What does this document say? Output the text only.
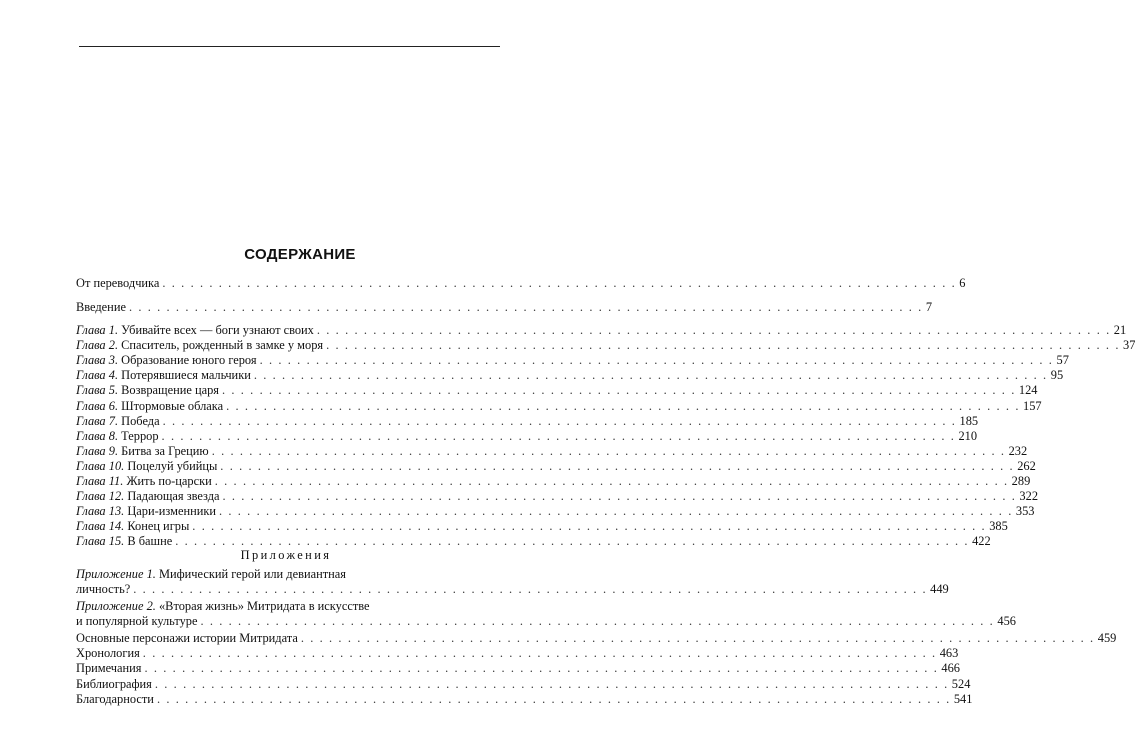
СОДЕРЖАНИЕ
От переводчика . . . . . . . . . . . . . . . . . . . . . . . . . . . . . . . . . . . . . . . . . . . . . . . . . . . . . . . . . . . . . . . . . . . . . . . . . . . . . . . . . . . . . 6
Введение . . . . . . . . . . . . . . . . . . . . . . . . . . . . . . . . . . . . . . . . . . . . . . . . . . . . . . . . . . . . . . . . . . . . . . . . . . . . . . . . . . . . . 7
Глава 1. Убивайте всех — боги узнают своих . . . . . . . . . . . . . . . . . . . . . . . . . . . . . . . . . . . . . . . . . . . . . . . . . . . . . . . . . . . . . . . . . . . . . . . . . . . . . . . . . . . . . 21
Глава 2. Спаситель, рожденный в замке у моря . . . . . . . . . . . . . . . . . . . . . . . . . . . . . . . . . . . . . . . . . . . . . . . . . . . . . . . . . . . . . . . . . . . . . . . . . . . . . . . . . . . . . 37
Глава 3. Образование юного героя . . . . . . . . . . . . . . . . . . . . . . . . . . . . . . . . . . . . . . . . . . . . . . . . . . . . . . . . . . . . . . . . . . . . . . . . . . . . . . . . . . . . . 57
Глава 4. Потерявшиеся мальчики . . . . . . . . . . . . . . . . . . . . . . . . . . . . . . . . . . . . . . . . . . . . . . . . . . . . . . . . . . . . . . . . . . . . . . . . . . . . . . . . . . . . . 95
Глава 5. Возвращение царя . . . . . . . . . . . . . . . . . . . . . . . . . . . . . . . . . . . . . . . . . . . . . . . . . . . . . . . . . . . . . . . . . . . . . . . . . . . . . . . . . . . . . 124
Глава 6. Штормовые облака . . . . . . . . . . . . . . . . . . . . . . . . . . . . . . . . . . . . . . . . . . . . . . . . . . . . . . . . . . . . . . . . . . . . . . . . . . . . . . . . . . . . . 157
Глава 7. Победа . . . . . . . . . . . . . . . . . . . . . . . . . . . . . . . . . . . . . . . . . . . . . . . . . . . . . . . . . . . . . . . . . . . . . . . . . . . . . . . . . . . . . 185
Глава 8. Террор . . . . . . . . . . . . . . . . . . . . . . . . . . . . . . . . . . . . . . . . . . . . . . . . . . . . . . . . . . . . . . . . . . . . . . . . . . . . . . . . . . . . . 210
Глава 9. Битва за Грецию . . . . . . . . . . . . . . . . . . . . . . . . . . . . . . . . . . . . . . . . . . . . . . . . . . . . . . . . . . . . . . . . . . . . . . . . . . . . . . . . . . . . . 232
Глава 10. Поцелуй убийцы . . . . . . . . . . . . . . . . . . . . . . . . . . . . . . . . . . . . . . . . . . . . . . . . . . . . . . . . . . . . . . . . . . . . . . . . . . . . . . . . . . . . . 262
Глава 11. Жить по-царски . . . . . . . . . . . . . . . . . . . . . . . . . . . . . . . . . . . . . . . . . . . . . . . . . . . . . . . . . . . . . . . . . . . . . . . . . . . . . . . . . . . . . 289
Глава 12. Падающая звезда . . . . . . . . . . . . . . . . . . . . . . . . . . . . . . . . . . . . . . . . . . . . . . . . . . . . . . . . . . . . . . . . . . . . . . . . . . . . . . . . . . . . . 322
Глава 13. Цари-изменники . . . . . . . . . . . . . . . . . . . . . . . . . . . . . . . . . . . . . . . . . . . . . . . . . . . . . . . . . . . . . . . . . . . . . . . . . . . . . . . . . . . . . 353
Глава 14. Конец игры . . . . . . . . . . . . . . . . . . . . . . . . . . . . . . . . . . . . . . . . . . . . . . . . . . . . . . . . . . . . . . . . . . . . . . . . . . . . . . . . . . . . . 385
Глава 15. В башне . . . . . . . . . . . . . . . . . . . . . . . . . . . . . . . . . . . . . . . . . . . . . . . . . . . . . . . . . . . . . . . . . . . . . . . . . . . . . . . . . . . . . 422
Приложения
Приложение 1. Мифический герой или девиантная
личность? . . . . . . . . . . . . . . . . . . . . . . . . . . . . . . . . . . . . . . . . . . . . . . . . . . . . . . . . . . . . . . . . . . . . . . . . . . . . . . . . . . . . . 449
Приложение 2. «Вторая жизнь» Митридата в искусстве
и популярной культуре . . . . . . . . . . . . . . . . . . . . . . . . . . . . . . . . . . . . . . . . . . . . . . . . . . . . . . . . . . . . . . . . . . . . . . . . . . . . . . . . . . . . . 456
Основные персонажи истории Митридата . . . . . . . . . . . . . . . . . . . . . . . . . . . . . . . . . . . . . . . . . . . . . . . . . . . . . . . . . . . . . . . . . . . . . . . . . . . . . . . . . . . . . 459
Хронология . . . . . . . . . . . . . . . . . . . . . . . . . . . . . . . . . . . . . . . . . . . . . . . . . . . . . . . . . . . . . . . . . . . . . . . . . . . . . . . . . . . . . 463
Примечания . . . . . . . . . . . . . . . . . . . . . . . . . . . . . . . . . . . . . . . . . . . . . . . . . . . . . . . . . . . . . . . . . . . . . . . . . . . . . . . . . . . . . 466
Библиография . . . . . . . . . . . . . . . . . . . . . . . . . . . . . . . . . . . . . . . . . . . . . . . . . . . . . . . . . . . . . . . . . . . . . . . . . . . . . . . . . . . . . 524
Благодарности . . . . . . . . . . . . . . . . . . . . . . . . . . . . . . . . . . . . . . . . . . . . . . . . . . . . . . . . . . . . . . . . . . . . . . . . . . . . . . . . . . . . . 541
